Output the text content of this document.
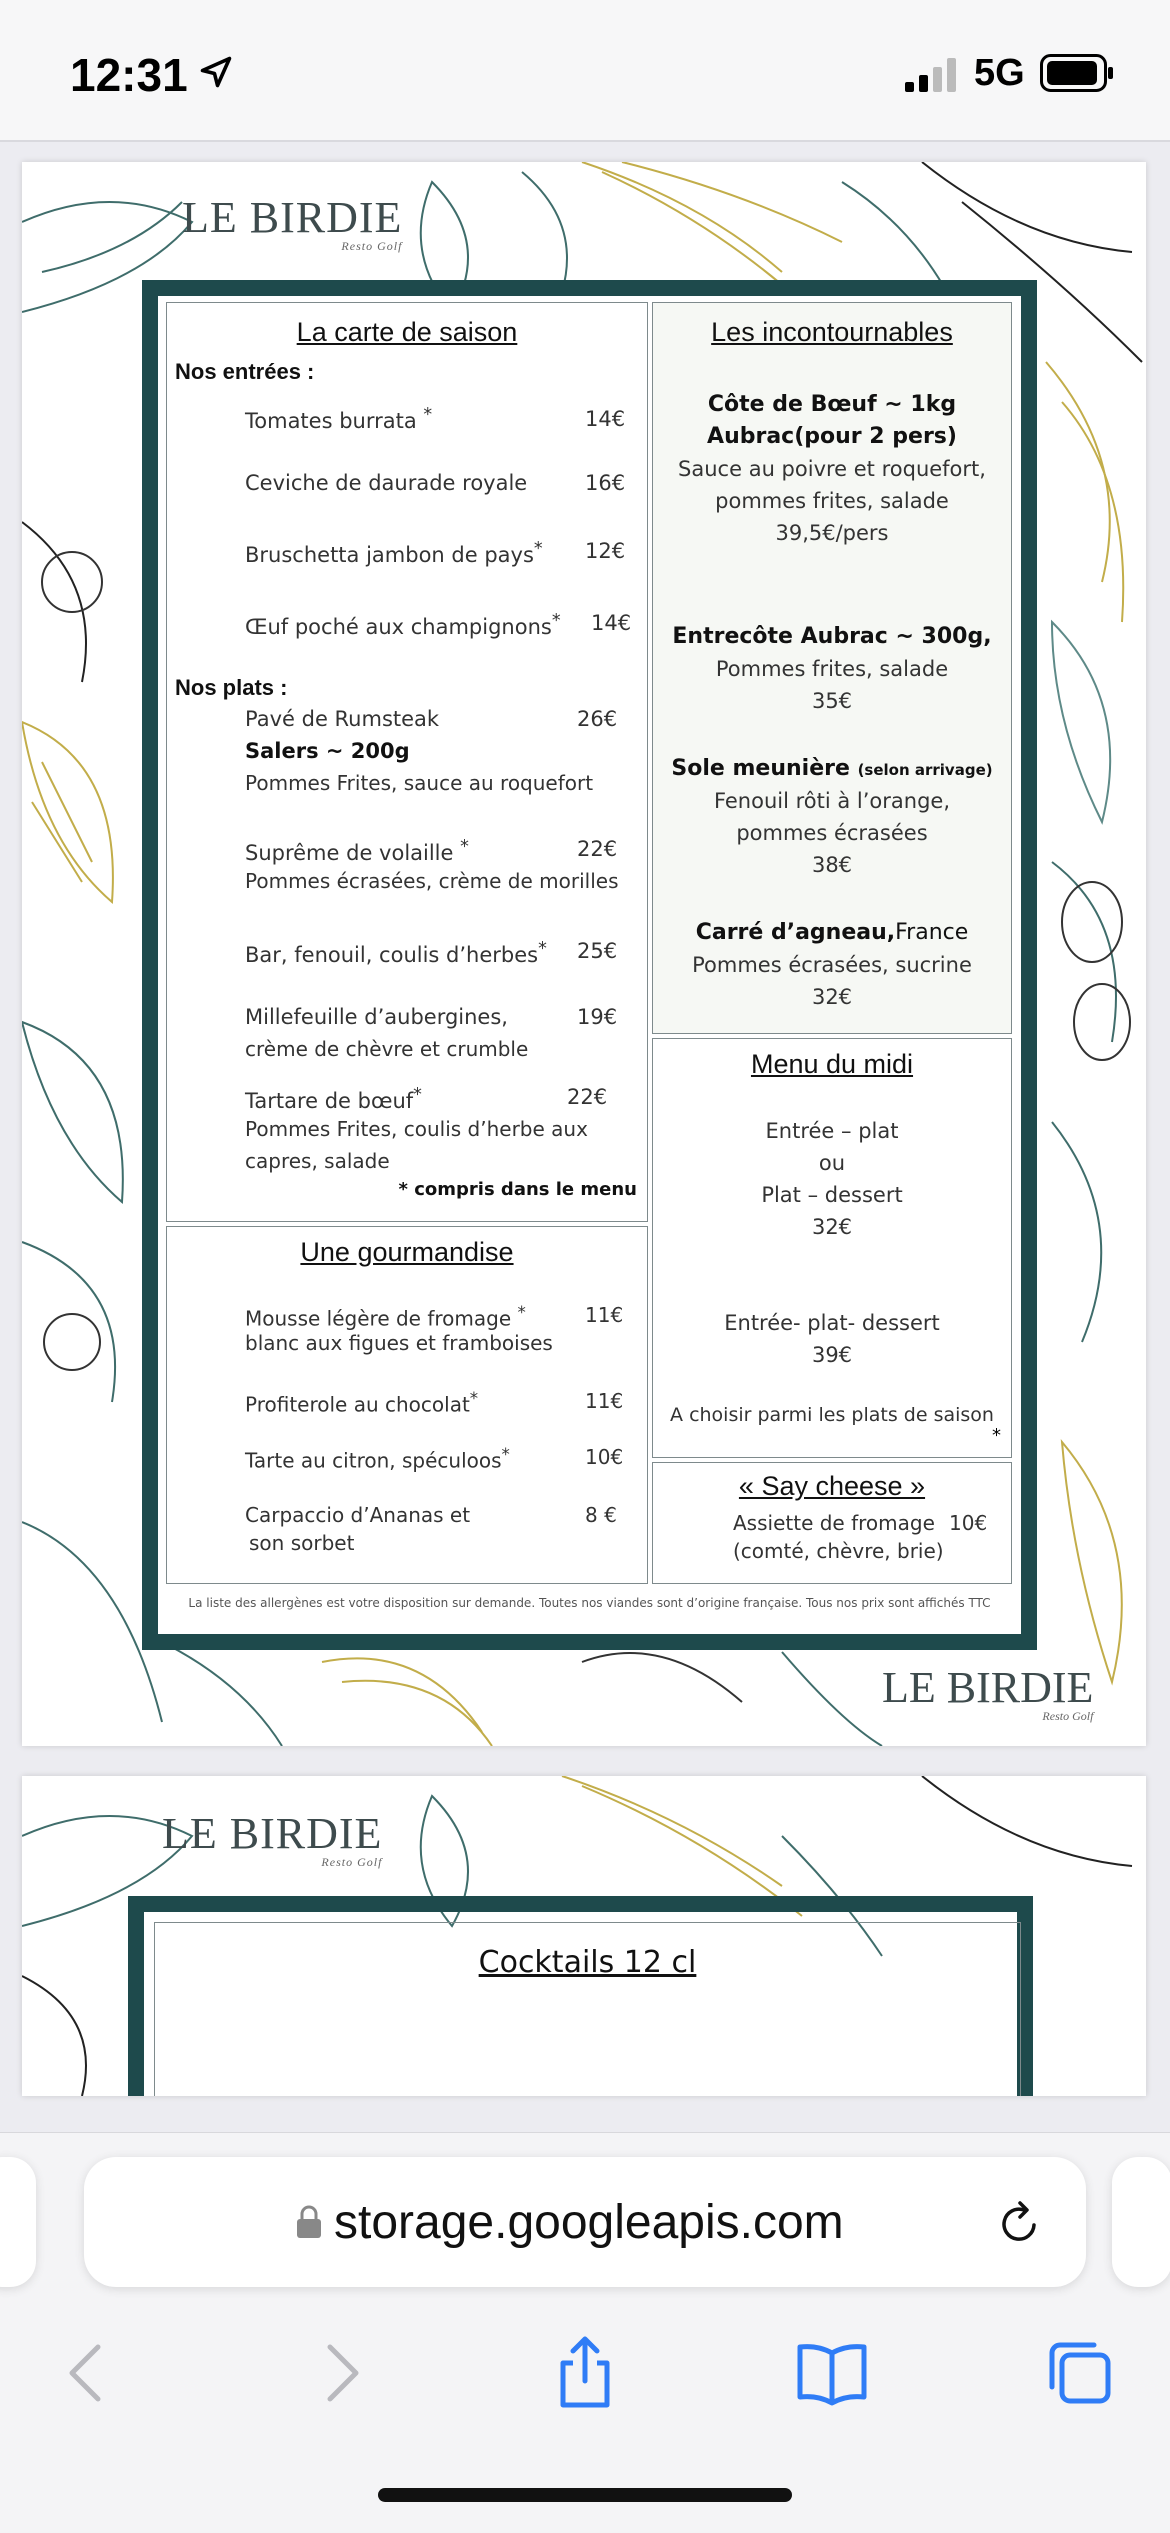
12:31	5G
LE BIRDIE
Resto Golf
La carte de saison
Nos entrées :
Tomates burrata *	14€
Ceviche de daurade royale	16€
Bruschetta jambon de pays* 12€
Œuf poché aux champignons* 14€
Nos plats :
Pavé de Rumsteak	26€
Salers ~ 200g
Pommes Frites, sauce au roquefort
Suprême de volaille *	22€
Pommes écrasées, crème de morilles
Bar, fenouil, coulis d’herbes* 25€
Millefeuille d’aubergines,	19€
crème de chèvre et crumble
Tartare de bœuf*	22€
Pommes Frites, coulis d’herbe aux
capres, salade
* compris dans le menu
Les incontournables
Côte de Bœuf ~ 1kg
Aubrac(pour 2 pers)
Sauce au poivre et roquefort,
pommes frites, salade
39,5€/pers
Entrecôte Aubrac ~ 300g,
Pommes frites, salade
35€
Sole meunière (selon arrivage)
Fenouil rôti à l’orange,
pommes écrasées
38€
Carré d’agneau,France
Pommes écrasées, sucrine
32€
Menu du midi
Entrée – plat
ou
Plat – dessert
32€
Entrée- plat- dessert
39€
A choisir parmi les plats de saison
*
Une gourmandise
Mousse légère de fromage *	11€
blanc aux figues et framboises
Profiterole au chocolat*	11€
Tarte au citron, spéculoos*	10€
Carpaccio d’Ananas et	8 €
son sorbet
« Say cheese »
Assiette de fromage 10€
(comté, chèvre, brie)
La liste des allergènes est votre disposition sur demande. Toutes nos viandes sont d’origine française. Tous nos prix sont affichés TTC
LE BIRDIE
Resto Golf
LE BIRDIE
Resto Golf
Cocktails 12 cl
storage.googleapis.com
